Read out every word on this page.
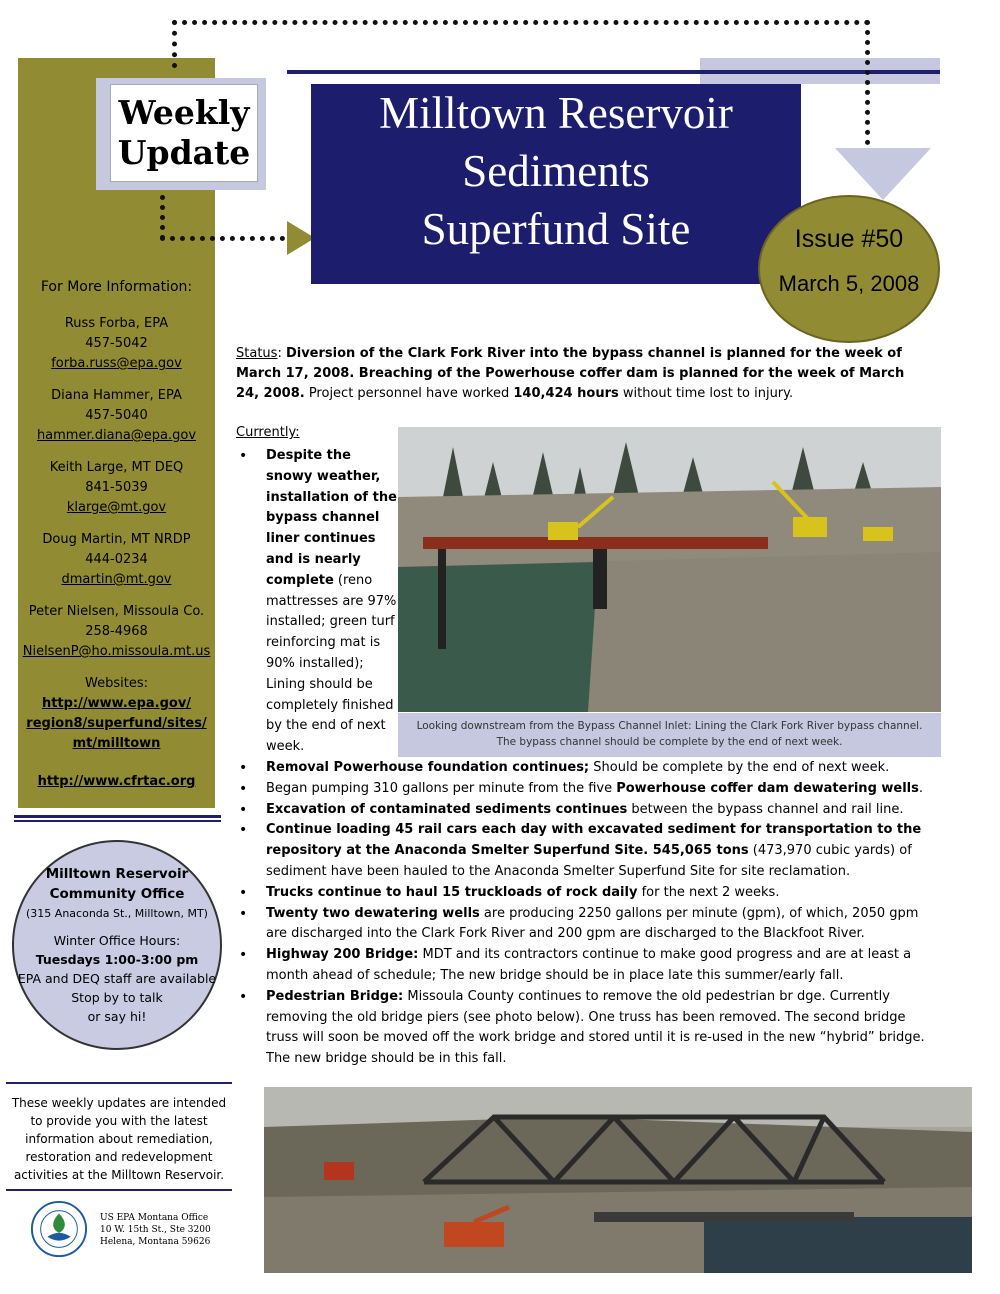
Weekly
Update
Milltown Reservoir
Sediments
Superfund Site	Issue #50
March 5, 2008
For More Information:
Russ Forba, EPA
457-5042
forba.russ@epa.gov
Diana Hammer, EPA
457-5040
hammer.diana@epa.gov
Keith Large, MT DEQ
841-5039
klarge@mt.gov
Doug Martin, MT NRDP
444-0234
dmartin@mt.gov
Peter Nielsen, Missoula Co.
258-4968
NielsenP@ho.missoula.mt.us
Websites:
http://www.epa.gov/
region8/superfund/sites/
mt/milltown
http://www.cfrtac.org
Milltown Reservoir
Community Office
(315 Anaconda St., Milltown, MT)
Winter Office Hours:
Tuesdays 1:00-3:00 pm
EPA and DEQ staff are available
Stop by to talk
or say hi!
These weekly updates are intended to provide you with the latest information about remediation, restoration and redevelopment activities at the Milltown Reservoir.
US EPA Montana Office
10 W. 15th St., Ste 3200
Helena, Montana 59626
Status: Diversion of the Clark Fork River into the bypass channel is planned for the week of March 17, 2008. Breaching of the Powerhouse coffer dam is planned for the week of March 24, 2008. Project personnel have worked 140,424 hours without time lost to injury.
Currently:
Looking downstream from the Bypass Channel Inlet: Lining the Clark Fork River bypass channel.
The bypass channel should be complete by the end of next week.
• Despite the snowy weather, installation of the bypass channel liner continues and is nearly complete (reno mattresses are 97% installed; green turf reinforcing mat is 90% installed); Lining should be completely finished by the end of next week.
• Removal Powerhouse foundation continues; Should be complete by the end of next week.
• Began pumping 310 gallons per minute from the five Powerhouse coffer dam dewatering wells.
• Excavation of contaminated sediments continues between the bypass channel and rail line.
• Continue loading 45 rail cars each day with excavated sediment for transportation to the repository at the Anaconda Smelter Superfund Site. 545,065 tons (473,970 cubic yards) of sediment have been hauled to the Anaconda Smelter Superfund Site for site reclamation.
• Trucks continue to haul 15 truckloads of rock daily for the next 2 weeks.
• Twenty two dewatering wells are producing 2250 gallons per minute (gpm), of which, 2050 gpm are discharged into the Clark Fork River and 200 gpm are discharged to the Blackfoot River.
• Highway 200 Bridge: MDT and its contractors continue to make good progress and are at least a month ahead of schedule; The new bridge should be in place late this summer/early fall.
• Pedestrian Bridge: Missoula County continues to remove the old pedestrian br dge. Currently removing the old bridge piers (see photo below). One truss has been removed. The second bridge truss will soon be moved off the work bridge and stored until it is re-used in the new “hybrid” bridge. The new bridge should be in this fall.
